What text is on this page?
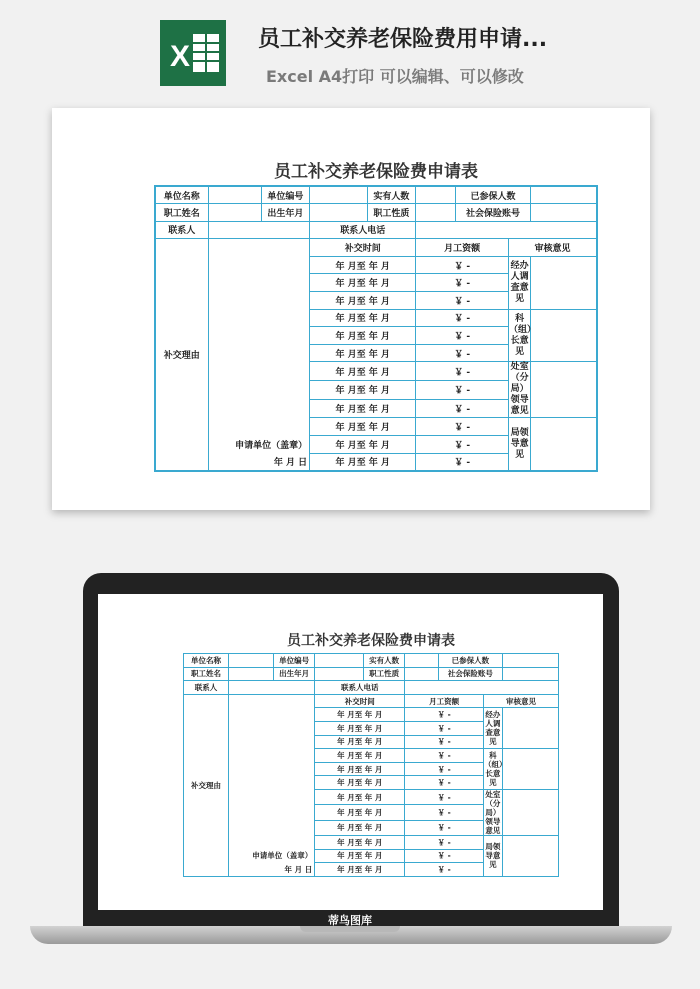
X
员工补交养老保险费用申请...
Excel A4打印 可以编辑、可以修改
员工补交养老保险费申请表
单位名称		单位编号		实有人数		已参保人数		
职工姓名		出生年月		职工性质		社会保险账号		
联系人			联系人电话					
补交理由			补交时间		月工资额		审核意见	
			年 月至 年 月		￥ -		经办人调查意见	
			年 月至 年 月		￥ -			
			年 月至 年 月		￥ -			
			年 月至 年 月		￥ -		科（组）长意见	
			年 月至 年 月		￥ -			
			年 月至 年 月		￥ -			
			年 月至 年 月		￥ -		处室（分局）领导意见	
			年 月至 年 月		￥ -			
			年 月至 年 月		￥ -			
			年 月至 年 月		￥ -		局领导意见	
	申请单位（盖章）		年 月至 年 月		￥ -			
	年 月 日		年 月至 年 月		￥ -			
员工补交养老保险费申请表
单位名称		单位编号		实有人数		已参保人数		
职工姓名		出生年月		职工性质		社会保险账号		
联系人			联系人电话					
补交理由			补交时间		月工资额		审核意见	
			年 月至 年 月		￥ -		经办人调查意见	
			年 月至 年 月		￥ -			
			年 月至 年 月		￥ -			
			年 月至 年 月		￥ -		科（组）长意见	
			年 月至 年 月		￥ -			
			年 月至 年 月		￥ -			
			年 月至 年 月		￥ -		处室（分局）领导意见	
			年 月至 年 月		￥ -			
			年 月至 年 月		￥ -			
			年 月至 年 月		￥ -		局领导意见	
	申请单位（盖章）		年 月至 年 月		￥ -			
	年 月 日		年 月至 年 月		￥ -			
蒂鸟图库
